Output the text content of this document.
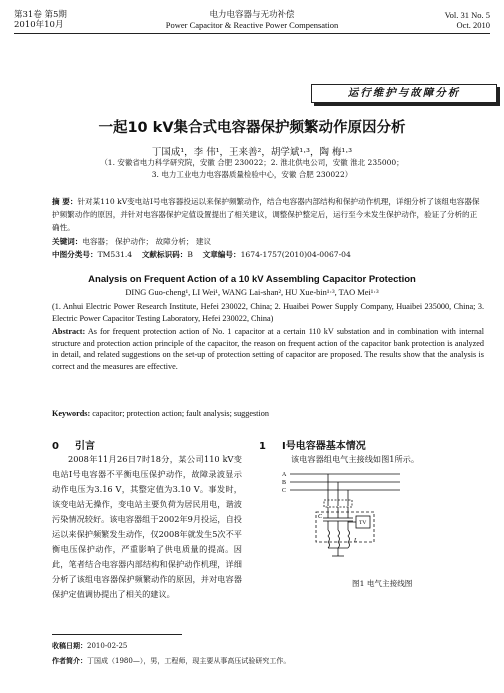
第31卷 第5期
2010年10月
电力电容器与无功补偿
Power Capacitor & Reactive Power Compensation
Vol. 31 No. 5
Oct. 2010
运行维护与故障分析
一起10 kV集合式电容器保护频繁动作原因分析
丁国成¹，李 伟¹，王来善²，胡学斌¹·³，陶 梅¹·³
（1. 安徽省电力科学研究院，安徽 合肥 230022；2. 淮北供电公司，安徽 淮北 235000；
3. 电力工业电力电容器质量检验中心，安徽 合肥 230022）
摘 要：针对某110 kV变电站Ⅰ号电容器投运以来保护频繁动作，结合电容器内部结构和保护动作机理，详细分析了该组电容器保护频繁动作的原因，并针对电容器保护定值设置提出了相关建议，调整保护整定后，运行至今未发生保护动作，验证了分析的正确性。
关键词：电容器； 保护动作； 故障分析； 建议
中图分类号：TM531.4 文献标识码：B 文章编号：1674-1757(2010)04-0067-04
Analysis on Frequent Action of a 10 kV Assembling Capacitor Protection
DING Guo-cheng¹, LI Wei¹, WANG Lai-shan², HU Xue-bin¹·³, TAO Mei¹·³
(1. Anhui Electric Power Research Institute, Hefei 230022, China; 2. Huaibei Power Supply Company, Huaibei 235000, China; 3. Electric Power Capacitor Testing Laboratory, Hefei 230022, China)
Abstract: As for frequent protection action of No. 1 capacitor at a certain 110 kV substation and in combination with internal structure and protection action principle of the capacitor, the reason on frequent action of the capacitor bank protection is analyzed in detail, and related suggestions on the set-up of protection setting of capacitor are proposed. The results show that the analysis is correct and the measures are effective.
Keywords: capacitor; protection action; fault analysis; suggestion
0 引言	1 Ⅰ号电容器基本情况
2008年11月26日7时18分，某公司110 kV变电站Ⅰ号电容器不平衡电压保护动作，故障录波显示动作电压为3.16 V，其整定值为3.10 V。事发时，该变电站无操作，变电站主要负荷为居民用电，谐波污染情况较好。该电容器组于2002年9月投运，自投运以来保护频繁发生动作，仅2008年就发生5次不平衡电压保护动作，严重影响了供电质量的提高。因此，笔者结合电容器内部结构和保护动作机理，详细分析了该组电容器保护频繁动作的原因，并对电容器保护定值调协提出了相关的建议。
该电容器组电气主接线如图1所示。
A
B
C
C
TV
L
图1 电气主接线图
收稿日期：2010-02-25
作者简介：丁国成（1980—），男，工程师，现主要从事高压试验研究工作。
